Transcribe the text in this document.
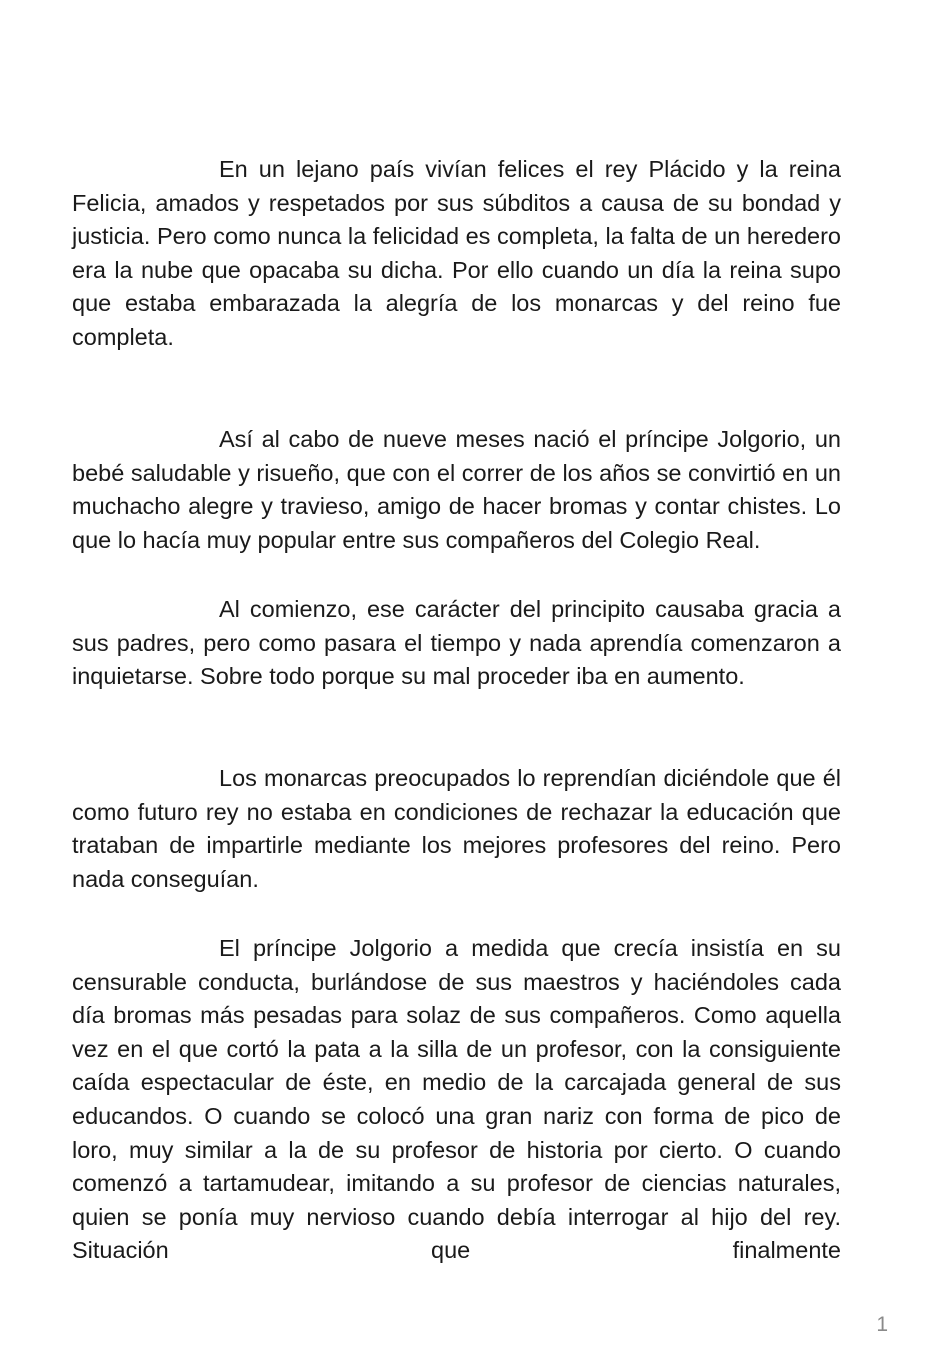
En un lejano país vivían felices el rey Plácido y la reina Felicia, amados y respetados por sus súbditos a causa de su bondad y justicia. Pero como nunca la felicidad es completa, la falta de un heredero era la nube que opacaba su dicha. Por ello cuando un día la reina supo que estaba embarazada la alegría de los monarcas y del reino fue completa.

Así al cabo de nueve meses nació el príncipe Jolgorio, un bebé saludable y risueño, que con el correr de los años se convirtió en un muchacho alegre y travieso, amigo de hacer bromas y contar chistes. Lo que lo hacía muy popular entre sus compañeros del Colegio Real.

Al comienzo, ese carácter del principito causaba gracia a sus padres, pero como pasara el tiempo y nada aprendía comenzaron a inquietarse. Sobre todo porque su mal proceder iba en aumento.

Los monarcas preocupados lo reprendían diciéndole que él como futuro rey no estaba en condiciones de rechazar la educación que trataban de impartirle mediante los mejores profesores del reino. Pero nada conseguían.

El príncipe Jolgorio a medida que crecía insistía en su censurable conducta, burlándose de sus maestros y haciéndoles cada día bromas más pesadas para solaz de sus compañeros. Como aquella vez en el que cortó la pata a la silla de un profesor, con la consiguiente caída espectacular de éste, en medio de la carcajada general de sus educandos. O cuando se colocó una gran nariz con forma de pico de loro, muy similar a la de su profesor de historia por cierto. O cuando comenzó a tartamudear, imitando a su profesor de ciencias naturales, quien se ponía muy nervioso cuando debía interrogar al hijo del rey. Situación que finalmente

1
